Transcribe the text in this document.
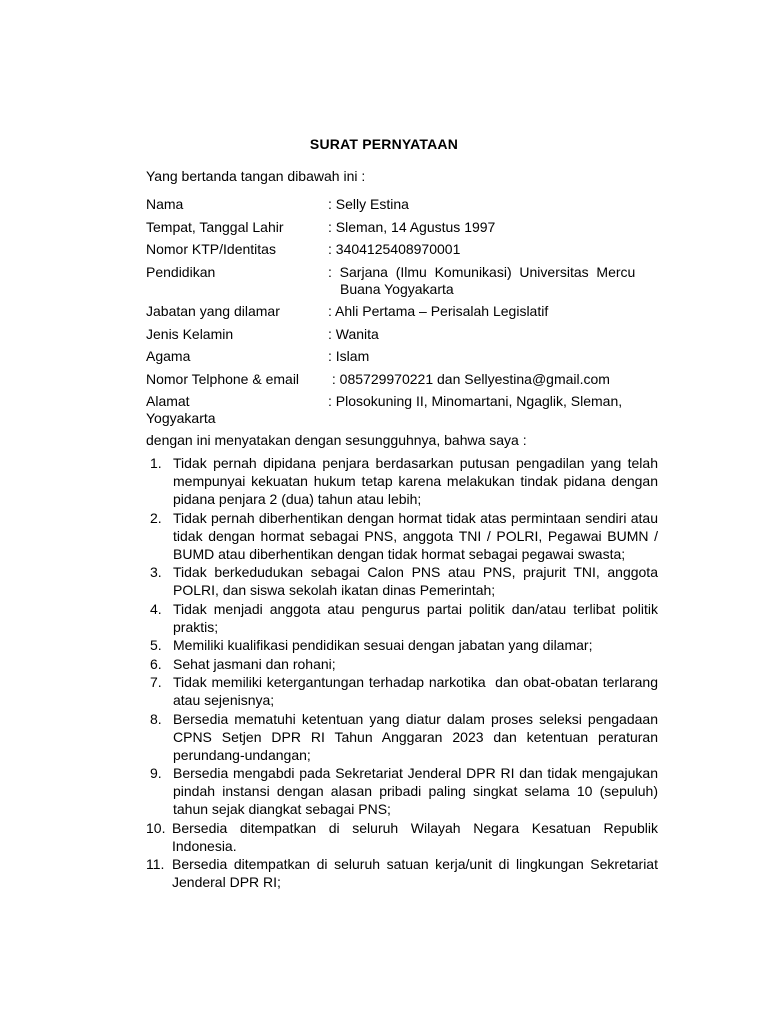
SURAT PERNYATAAN
Yang bertanda tangan dibawah ini :
Nama	: Selly Estina
Tempat, Tanggal Lahir	: Sleman, 14 Agustus 1997
Nomor KTP/Identitas	: 3404125408970001
Pendidikan	:  Sarjana  (Ilmu  Komunikasi)  Universitas  Mercu
Buana Yogyakarta
Jabatan yang dilamar	: Ahli Pertama – Perisalah Legislatif
Jenis Kelamin	: Wanita
Agama	: Islam
Nomor Telphone & email	: 085729970221 dan Sellyestina@gmail.com
Alamat	: Plosokuning II, Minomartani, Ngaglik, Sleman,
Yogyakarta
dengan ini menyatakan dengan sesungguhnya, bahwa saya :
1. Tidak pernah dipidana penjara berdasarkan putusan pengadilan yang telah mempunyai kekuatan hukum tetap karena melakukan tindak pidana dengan pidana penjara 2 (dua) tahun atau lebih;
2. Tidak pernah diberhentikan dengan hormat tidak atas permintaan sendiri atau tidak dengan hormat sebagai PNS, anggota TNI / POLRI, Pegawai BUMN / BUMD atau diberhentikan dengan tidak hormat sebagai pegawai swasta;
3. Tidak berkedudukan sebagai Calon PNS atau PNS, prajurit TNI, anggota POLRI, dan siswa sekolah ikatan dinas Pemerintah;
4. Tidak menjadi anggota atau pengurus partai politik dan/atau terlibat politik praktis;
5. Memiliki kualifikasi pendidikan sesuai dengan jabatan yang dilamar;
6. Sehat jasmani dan rohani;
7. Tidak memiliki ketergantungan terhadap narkotika  dan obat-obatan terlarang atau sejenisnya;
8. Bersedia mematuhi ketentuan yang diatur dalam proses seleksi pengadaan CPNS Setjen DPR RI Tahun Anggaran 2023 dan ketentuan peraturan perundang-undangan;
9. Bersedia mengabdi pada Sekretariat Jenderal DPR RI dan tidak mengajukan pindah instansi dengan alasan pribadi paling singkat selama 10 (sepuluh) tahun sejak diangkat sebagai PNS;
10. Bersedia ditempatkan di seluruh Wilayah Negara Kesatuan Republik Indonesia.
11. Bersedia ditempatkan di seluruh satuan kerja/unit di lingkungan Sekretariat Jenderal DPR RI;
